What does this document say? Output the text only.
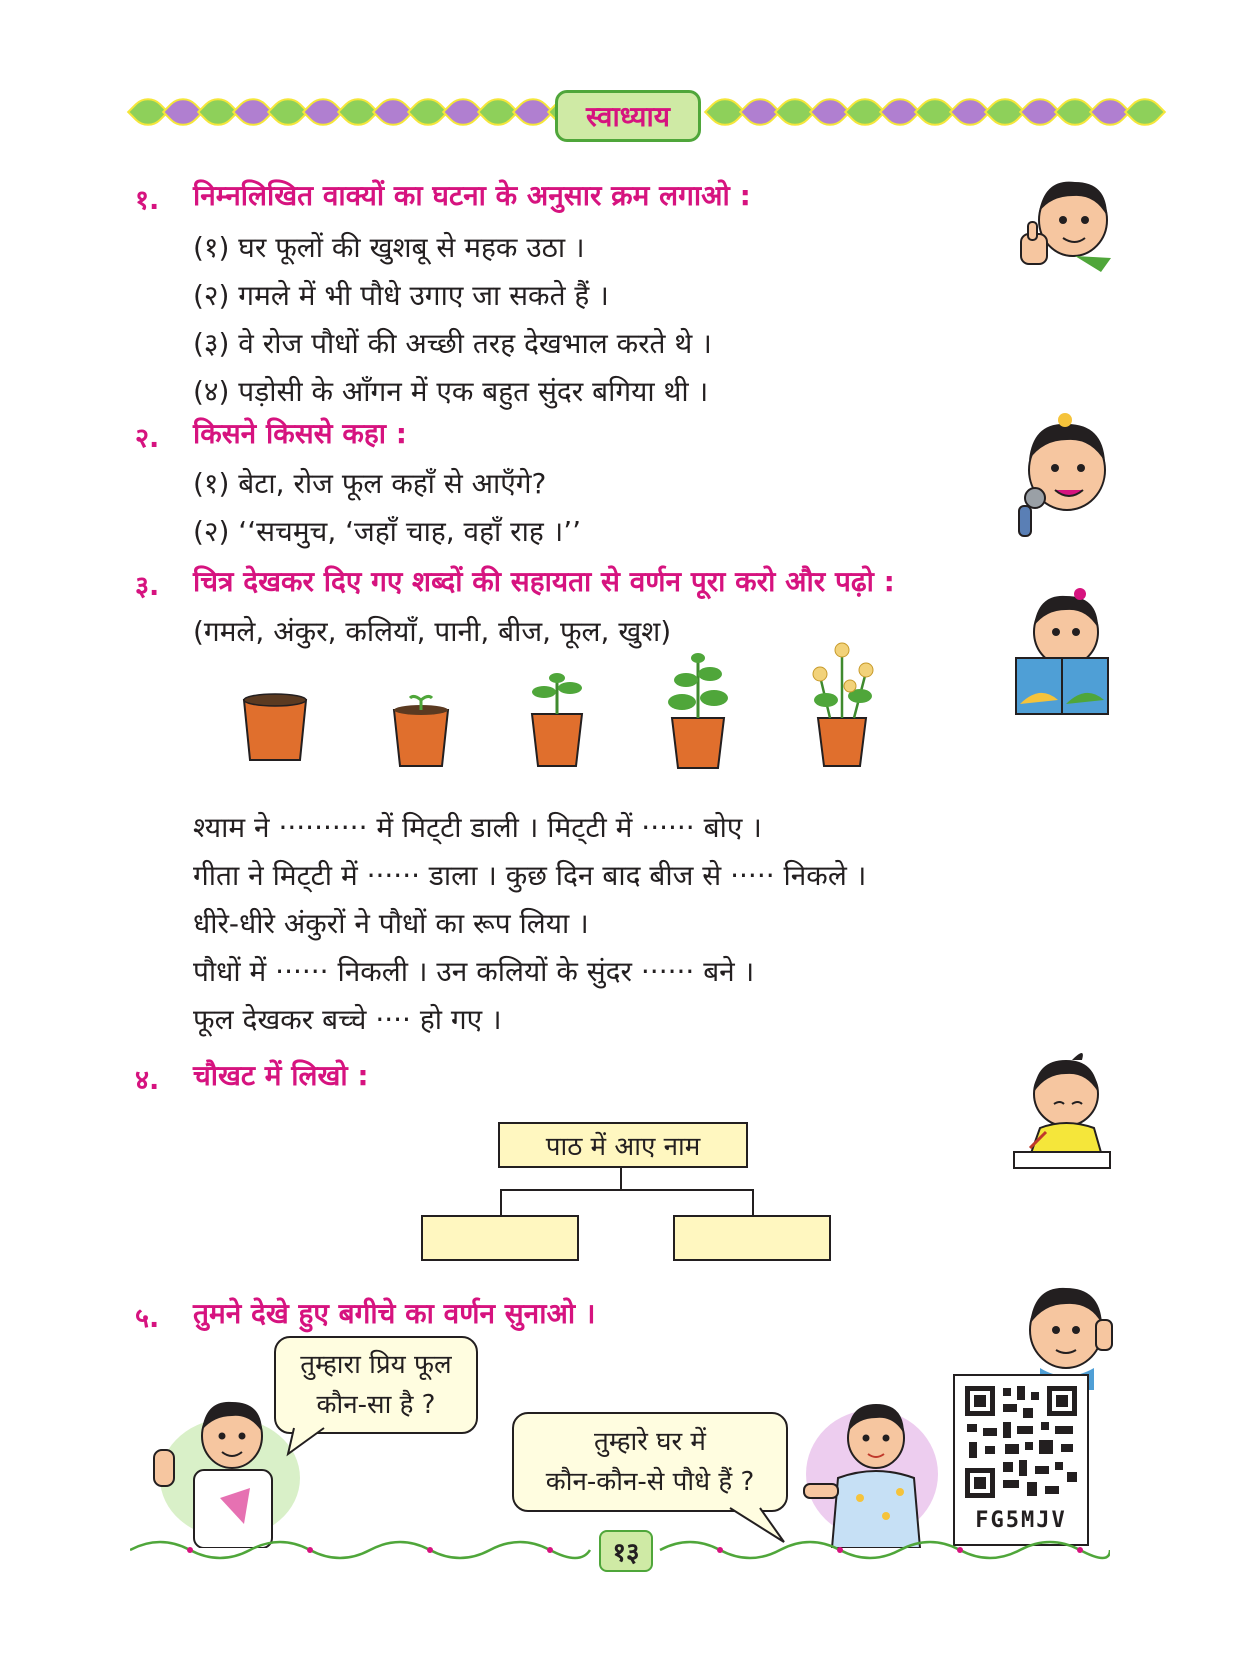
स्वाध्याय
१. निम्नलिखित वाक्यों का घटना के अनुसार क्रम लगाओ :
(१) घर फूलों की खुशबू से महक उठा ।
(२) गमले में भी पौधे उगाए जा सकते हैं ।
(३) वे रोज पौधों की अच्छी तरह देखभाल करते थे ।
(४) पड़ोसी के आँगन में एक बहुत सुंदर बगिया थी ।
२. किसने किससे कहा :
(१) बेटा, रोज फूल कहाँ से आएँगे?
(२) ‘‘सचमुच, ‘जहाँ चाह, वहाँ राह ।’’
३. चित्र देखकर दिए गए शब्दों की सहायता से वर्णन पूरा करो और पढ़ो :
(गमले, अंकुर, कलियाँ, पानी, बीज, फूल, खुश)
श्याम ने ·········· में मिट्‌टी डाली । मिट्‌टी में ······ बोए ।
गीता ने मिट्‌टी में ······ डाला । कुछ दिन बाद बीज से ····· निकले ।
धीरे-धीरे अंकुरों ने पौधों का रूप लिया ।
पौधों में ······ निकली । उन कलियों के सुंदर ······ बने ।
फूल देखकर बच्चे ···· हो गए ।
४. चौखट में लिखो :
पाठ में आए नाम
५. तुमने देखे हुए बगीचे का वर्णन सुनाओ ।
तुम्हारा प्रिय फूल
कौन-सा है ?
तुम्हारे घर में
कौन-कौन-से पौधे हैं ?
FG5MJV
१३
